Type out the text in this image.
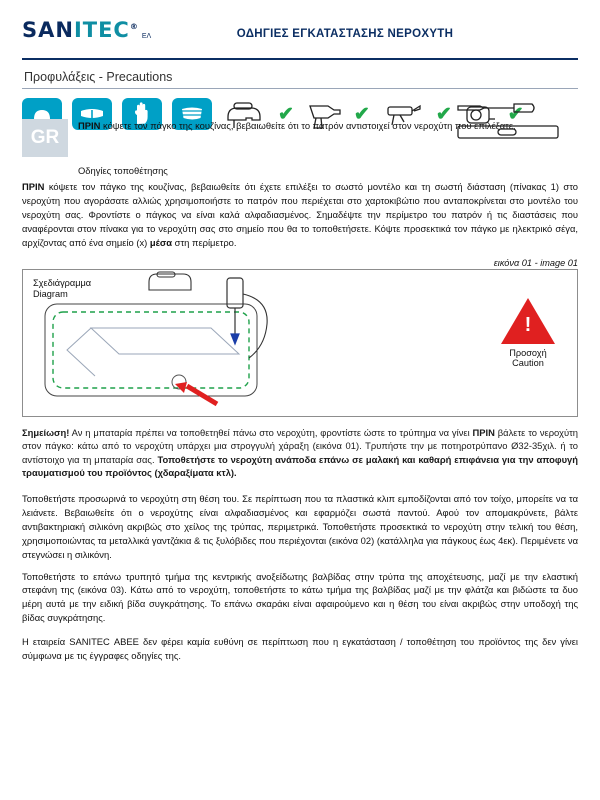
SANITEC®
ΕΛ	ΟΔΗΓΙΕΣ ΕΓΚΑΤΑΣΤΑΣΗΣ ΝΕΡΟΧΥΤΗ
Προφυλάξεις - Precautions
✔	✔	✔	✔
GR
ΠΡΙΝ κόψετε τον πάγκο της κουζίνας, βεβαιωθείτε ότι το πατρόν αντιστοιχεί στον νεροχύτη που επιλέξατε.
Οδηγίες τοποθέτησης

ΠΡΙΝ κόψετε τον πάγκο της κουζίνας, βεβαιωθείτε ότι έχετε επιλέξει το σωστό μοντέλο και τη σωστή διάσταση (πίνακας 1) στο νεροχύτη που αγοράσατε αλλιώς χρησιμοποιήστε το πατρόν που περιέχεται στο χαρτοκιβώτιο που ανταποκρίνεται στο μοντέλο του νεροχύτη σας. Φροντίστε ο πάγκος να είναι καλά αλφαδιασμένος. Σημαδέψτε την περίμετρο του πατρόν ή τις διαστάσεις που αναφέρονται στον πίνακα για το νεροχύτη σας στο σημείο που θα το τοποθετήσετε. Κόψτε προσεκτικά τον πάγκο με ηλεκτρικό σέγα, αρχίζοντας από ένα σημείο (x) μέσα στη περίμετρο.

εικόνα 01 - image 01
Σχεδιάγραμμα
Diagram
!
Προσοχή
Caution
Σημείωση! Αν η μπαταρία πρέπει να τοποθετηθεί πάνω στο νεροχύτη, φροντίστε ώστε το τρύπημα να γίνει ΠΡΙΝ βάλετε το νεροχύτη στον πάγκο: κάτω από το νεροχύτη υπάρχει μια στρογγυλή χάραξη (εικόνα 01). Τρυπήστε την με ποτηροτρύπανο Ø32-35χιλ. ή το αντίστοιχο για τη μπαταρία σας. Τοποθετήστε το νεροχύτη ανάποδα επάνω σε μαλακή και καθαρή επιφάνεια για την αποφυγή τραυματισμού του προϊόντος (χδαραξίματα κτλ).

Τοποθετήστε προσωρινά το νεροχύτη στη θέση του. Σε περίπτωση που τα πλαστικά κλιπ εμποδίζονται από τον τοίχο, μπορείτε να τα λειάνετε. Βεβαιωθείτε ότι ο νεροχύτης είναι αλφαδιασμένος και εφαρμόζει σωστά παντού. Αφού τον απομακρύνετε, βάλτε αντιβακτηριακή σιλικόνη ακριβώς στο χείλος της τρύπας, περιμετρικά. Τοποθετήστε προσεκτικά το νεροχύτη στην τελική του θέση, χρησιμοποιώντας τα μεταλλικά γαντζάκια & τις ξυλόβιδες που περιέχονται (εικόνα 02) (κατάλληλα για πάγκους έως 4εκ). Περιμένετε να στεγνώσει η σιλικόνη.

Τοποθετήστε το επάνω τρυπητό τμήμα της κεντρικής ανοξείδωτης βαλβίδας στην τρύπα της αποχέτευσης, μαζί με την ελαστική στεφάνη της (εικόνα 03). Κάτω από το νεροχύτη, τοποθετήστε το κάτω τμήμα της βαλβίδας μαζί με την φλάτζα και βιδώστε τα δυο μέρη αυτά με την ειδική βίδα συγκράτησης. Το επάνω σκαράκι είναι αφαιρούμενο και η θέση του είναι ακριβώς στην υποδοχή της βίδας συγκράτησης.

Η εταιρεία SANITEC ΑΒΕΕ δεν φέρει καμία ευθύνη σε περίπτωση που η εγκατάσταση / τοποθέτηση του προϊόντος της δεν γίνει σύμφωνα με τις έγγραφες οδηγίες της.
